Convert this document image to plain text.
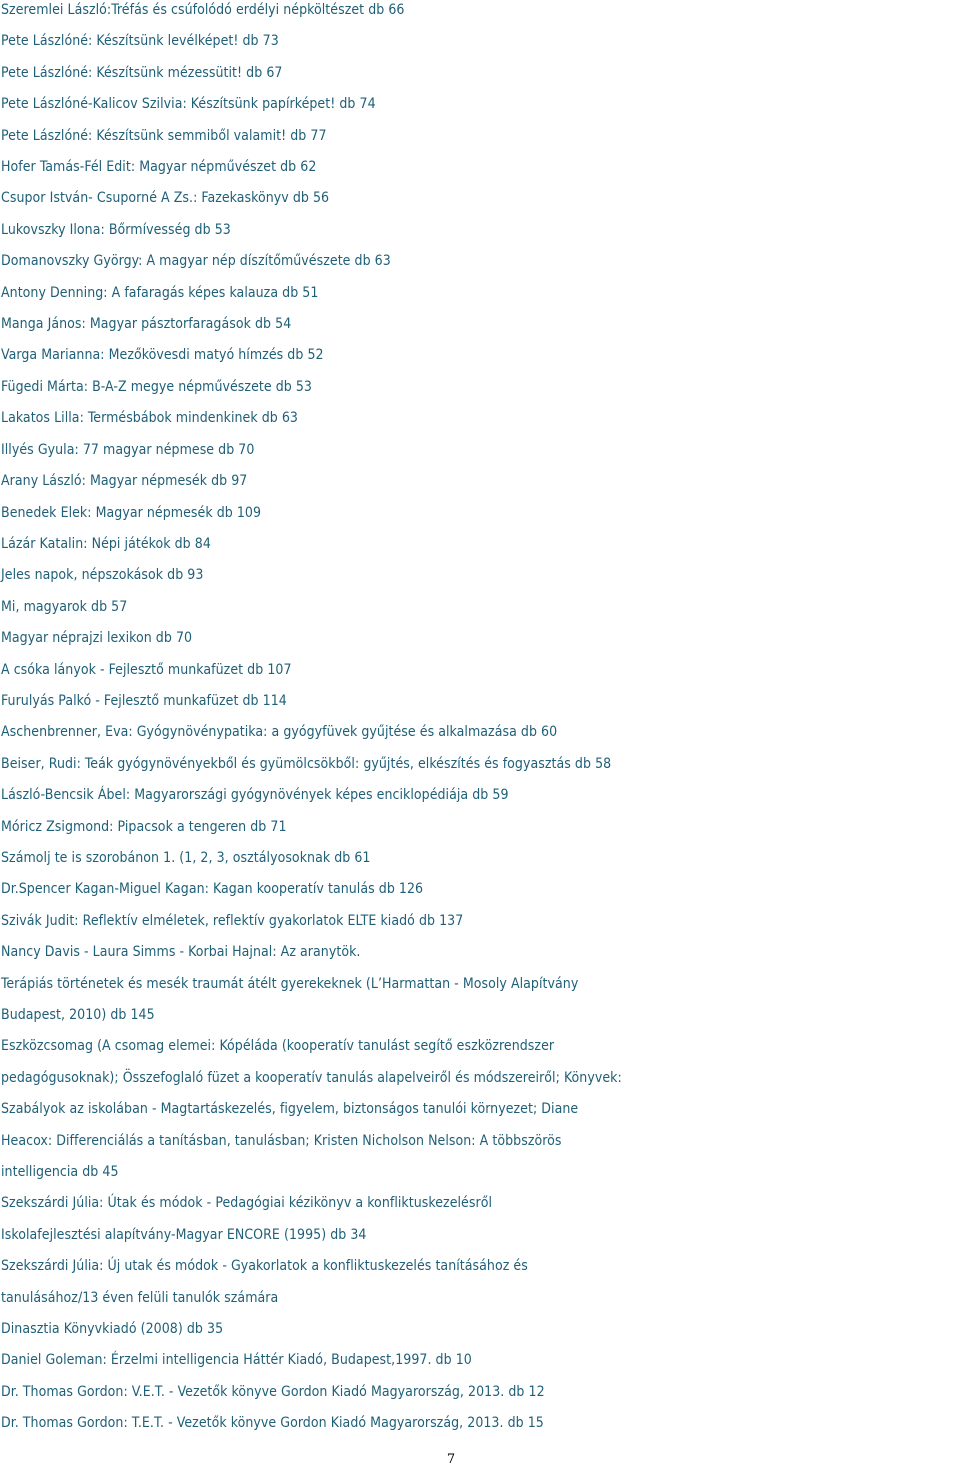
Szeremlei László:Tréfás és csúfolódó erdélyi népköltészet db 66
Pete Lászlóné: Készítsünk levélképet! db 73
Pete Lászlóné: Készítsünk mézessütit! db 67
Pete Lászlóné-Kalicov Szilvia: Készítsünk papírképet! db 74
Pete Lászlóné: Készítsünk semmiből valamit! db 77
Hofer Tamás-Fél Edit: Magyar népművészet db 62
Csupor István- Csuporné A Zs.: Fazekaskönyv db 56
Lukovszky Ilona: Bőrmívesség db 53
Domanovszky György: A magyar nép díszítőművészete db 63
Antony Denning: A fafaragás képes kalauza db 51
Manga János: Magyar pásztorfaragások db 54
Varga Marianna: Mezőkövesdi matyó hímzés db 52
Fügedi Márta: B-A-Z megye népművészete db 53
Lakatos Lilla: Termésbábok mindenkinek db 63
Illyés Gyula: 77 magyar népmese db 70
Arany László: Magyar népmesék db 97
Benedek Elek: Magyar népmesék db 109
Lázár Katalin: Népi játékok db 84
Jeles napok, népszokások db 93
Mi, magyarok db 57
Magyar néprajzi lexikon db 70
A csóka lányok - Fejlesztő munkafüzet db 107
Furulyás Palkó - Fejlesztő munkafüzet db 114
Aschenbrenner, Eva: Gyógynövénypatika: a gyógyfüvek gyűjtése és alkalmazása db 60
Beiser, Rudi: Teák gyógynövényekből és gyümölcsökből: gyűjtés, elkészítés és fogyasztás db 58
László-Bencsik Ábel: Magyarországi gyógynövények képes enciklopédiája db 59
Móricz Zsigmond: Pipacsok a tengeren db 71
Számolj te is szorobánon 1. (1, 2, 3, osztályosoknak db 61
Dr.Spencer Kagan-Miguel Kagan: Kagan kooperatív tanulás db 126
Szivák Judit: Reflektív elméletek, reflektív gyakorlatok ELTE kiadó db 137
Nancy Davis - Laura Simms - Korbai Hajnal: Az aranytök.
Terápiás történetek és mesék traumát átélt gyerekeknek (L’Harmattan - Mosoly Alapítvány
Budapest, 2010) db 145
Eszközcsomag (A csomag elemei: Kópéláda (kooperatív tanulást segítő eszközrendszer
pedagógusoknak); Összefoglaló füzet a kooperatív tanulás alapelveiről és módszereiről; Könyvek:
Szabályok az iskolában - Magtartáskezelés, figyelem, biztonságos tanulói környezet; Diane
Heacox: Differenciálás a tanításban, tanulásban; Kristen Nicholson Nelson: A többszörös
intelligencia db 45
Szekszárdi Júlia: Útak és módok - Pedagógiai kézikönyv a konfliktuskezelésről
Iskolafejlesztési alapítvány-Magyar ENCORE (1995) db 34
Szekszárdi Júlia: Új utak és módok - Gyakorlatok a konfliktuskezelés tanításához és
tanulásához/13 éven felüli tanulók számára
Dinasztia Könyvkiadó (2008) db 35
Daniel Goleman: Érzelmi intelligencia Háttér Kiadó, Budapest,1997. db 10
Dr. Thomas Gordon: V.E.T. - Vezetők könyve Gordon Kiadó Magyarország, 2013. db 12
Dr. Thomas Gordon: T.E.T. - Vezetők könyve Gordon Kiadó Magyarország, 2013. db 15
7
